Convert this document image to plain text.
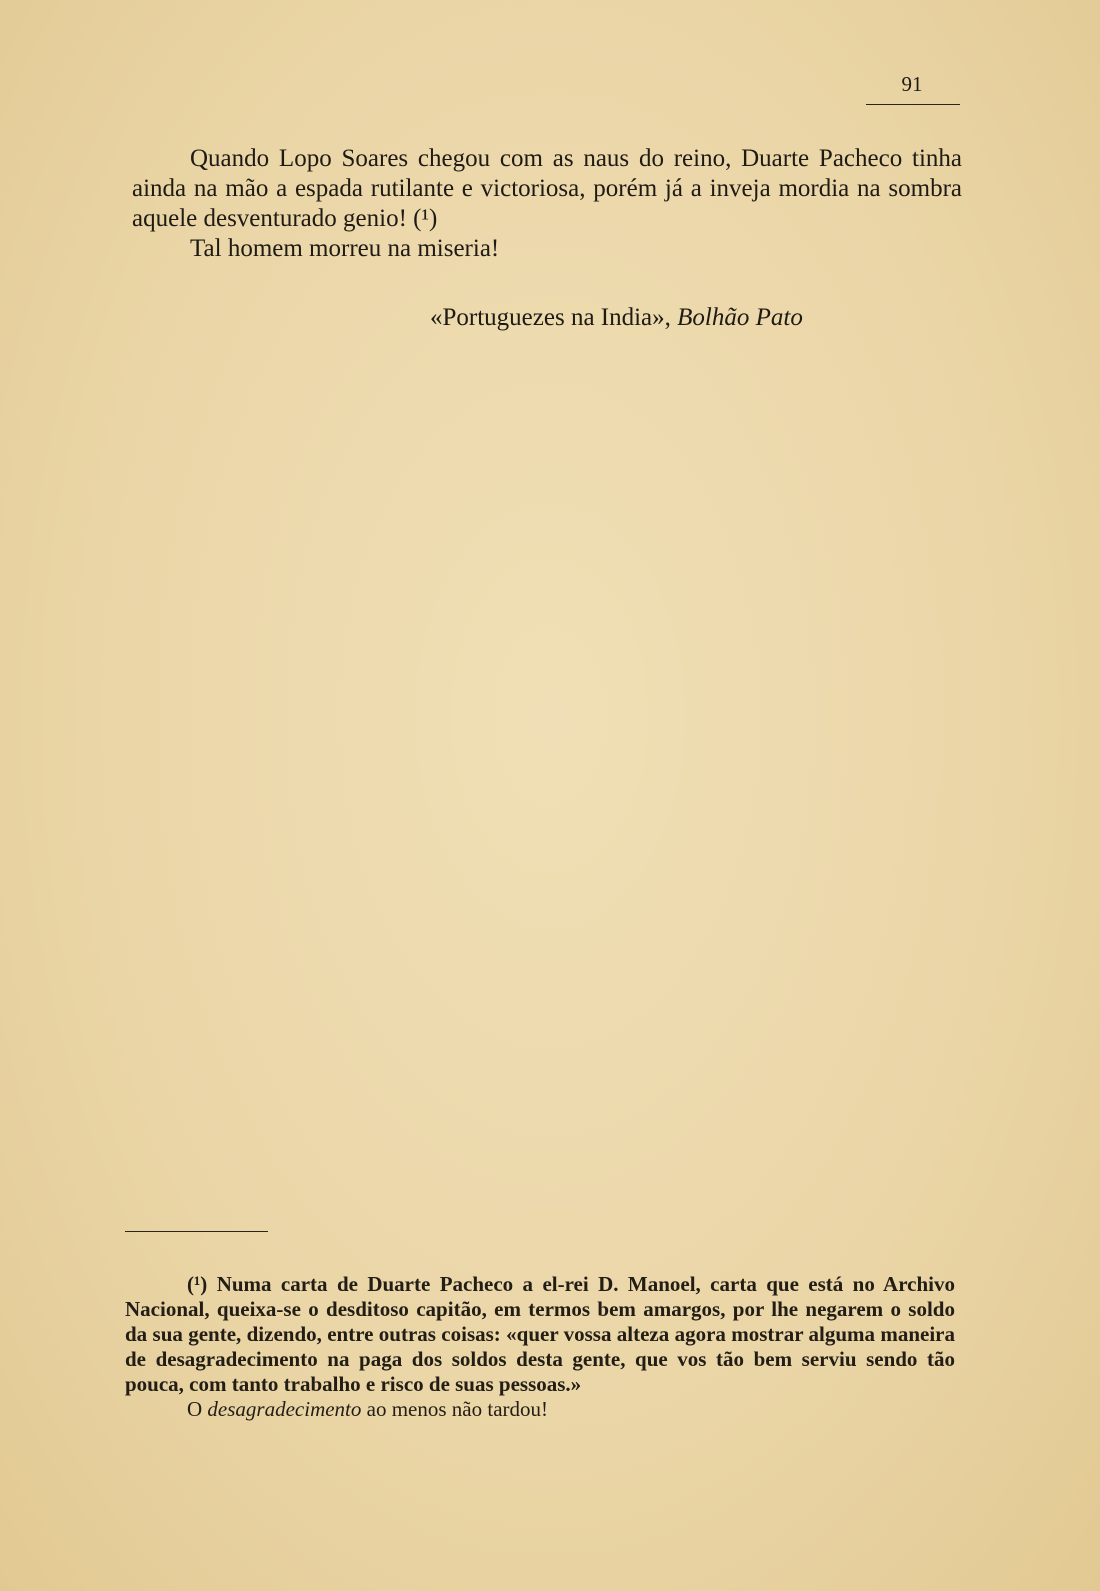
91

Quando Lopo Soares chegou com as naus do reino, Duarte Pacheco tinha ainda na mão a espada rutilante e victoriosa, porém já a inveja mordia na sombra aquele desventurado genio! (¹)

Tal homem morreu na miseria!

«Portuguezes na India», Bolhão Pato

(¹) Numa carta de Duarte Pacheco a el-rei D. Manoel, carta que está no Archivo Nacional, queixa-se o desditoso capitão, em termos bem amargos, por lhe negarem o soldo da sua gente, dizendo, entre outras coisas: «quer vossa alteza agora mostrar alguma maneira de desagradecimento na paga dos soldos desta gente, que vos tão bem serviu sendo tão pouca, com tanto trabalho e risco de suas pessoas.»

O desagradecimento ao menos não tardou!
